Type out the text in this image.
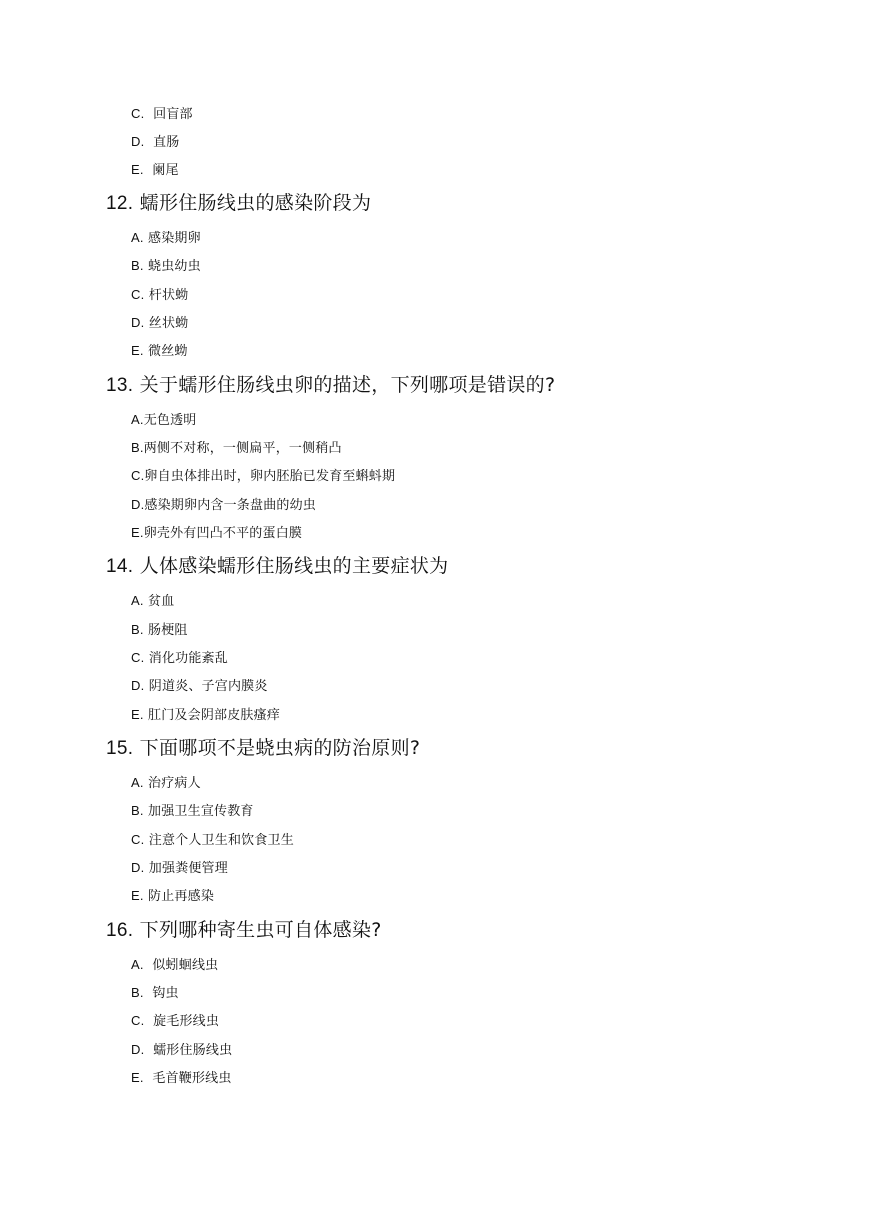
C. 回盲部
D. 直肠
E. 阑尾
12. 蠕形住肠线虫的感染阶段为
A. 感染期卵
B. 蛲虫幼虫
C. 杆状蚴
D. 丝状蚴
E. 微丝蚴
13. 关于蠕形住肠线虫卵的描述，下列哪项是错误的?
A.无色透明
B.两侧不对称，一侧扁平，一侧稍凸
C.卵自虫体排出时，卵内胚胎已发育至蝌蚪期
D.感染期卵内含一条盘曲的幼虫
E.卵壳外有凹凸不平的蛋白膜
14. 人体感染蠕形住肠线虫的主要症状为
A. 贫血
B. 肠梗阻
C. 消化功能紊乱
D. 阴道炎、子宫内膜炎
E. 肛门及会阴部皮肤瘙痒
15. 下面哪项不是蛲虫病的防治原则?
A. 治疗病人
B. 加强卫生宣传教育
C. 注意个人卫生和饮食卫生
D. 加强粪便管理
E. 防止再感染
16. 下列哪种寄生虫可自体感染?
A. 似蚓蛔线虫
B. 钩虫
C. 旋毛形线虫
D. 蠕形住肠线虫
E. 毛首鞭形线虫
